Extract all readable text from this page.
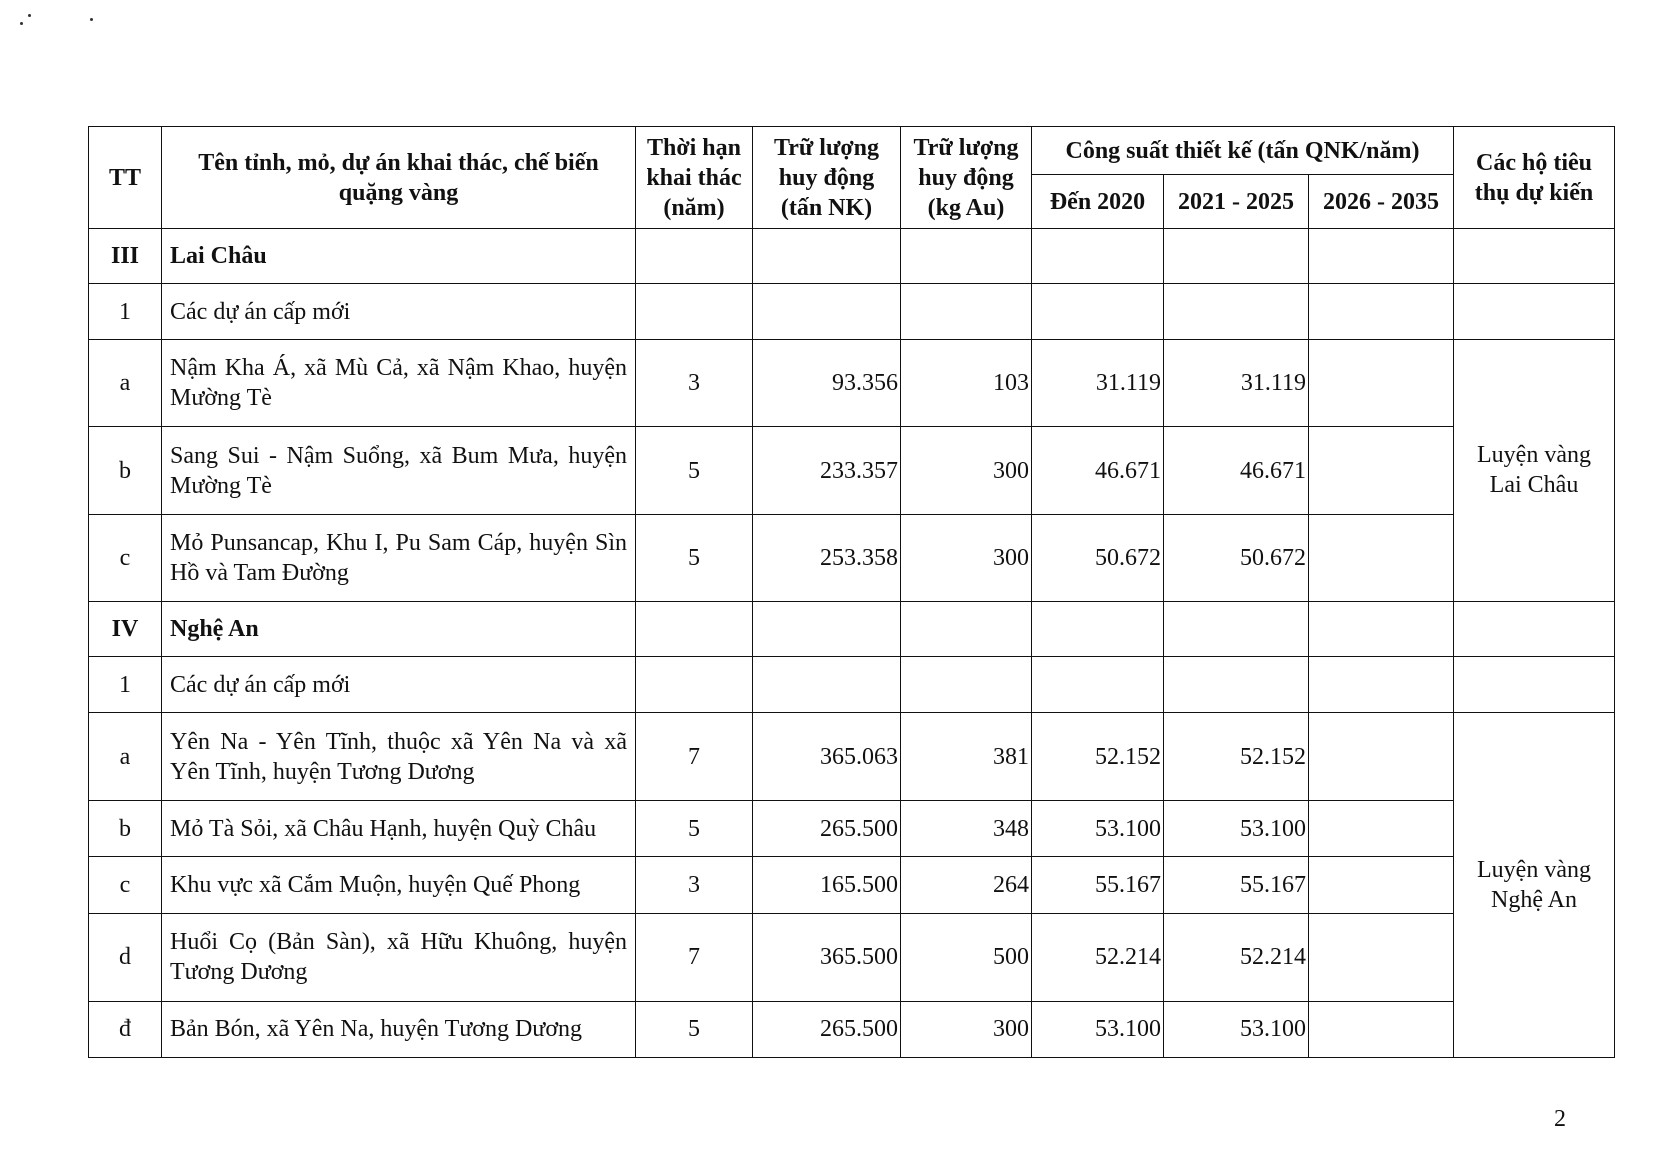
TT	Tên tỉnh, mỏ, dự án khai thác, chế biến quặng vàng	Thời hạn khai thác (năm)	Trữ lượng huy động (tấn NK)	Trữ lượng huy động (kg Au)	Công suất thiết kế (tấn QNK/năm)			Các hộ tiêu thụ dự kiến
					Đến 2020	2021 - 2025	2026 - 2035	
III	Lai Châu							
1	Các dự án cấp mới							
a	Nậm Kha Á, xã Mù Cả, xã Nậm Khao, huyện Mường Tè	3	93.356	103	31.119	31.119		Luyện vàng Lai Châu
b	Sang Sui - Nậm Suổng, xã Bum Mưa, huyện Mường Tè	5	233.357	300	46.671	46.671		
c	Mỏ Punsancap, Khu I, Pu Sam Cáp, huyện Sìn Hồ và Tam Đường	5	253.358	300	50.672	50.672		
IV	Nghệ An							
1	Các dự án cấp mới							
a	Yên Na - Yên Tĩnh, thuộc xã Yên Na và xã Yên Tĩnh, huyện Tương Dương	7	365.063	381	52.152	52.152		Luyện vàng Nghệ An
b	Mỏ Tà Sỏi, xã Châu Hạnh, huyện Quỳ Châu	5	265.500	348	53.100	53.100		
c	Khu vực xã Cắm Muộn, huyện Quế Phong	3	165.500	264	55.167	55.167		
d	Huổi Cọ (Bản Sàn), xã Hữu Khuông, huyện Tương Dương	7	365.500	500	52.214	52.214		
đ	Bản Bón, xã Yên Na, huyện Tương Dương	5	265.500	300	53.100	53.100		
2
